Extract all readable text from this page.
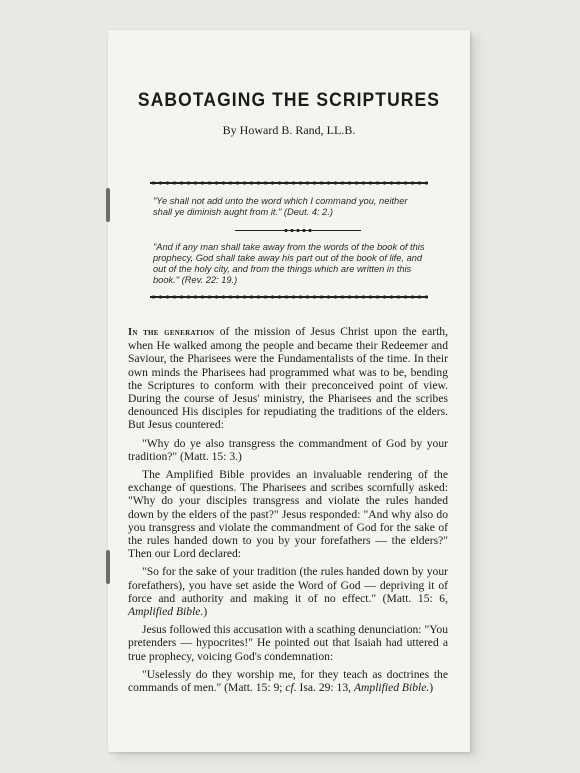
SABOTAGING THE SCRIPTURES
By Howard B. Rand, LL.B.
"Ye shall not add unto the word which I command you, neither shall ye diminish aught from it." (Deut. 4: 2.)
"And if any man shall take away from the words of the book of this prophecy, God shall take away his part out of the book of life, and out of the holy city, and from the things which are written in this book." (Rev. 22: 19.)

In the generation of the mission of Jesus Christ upon the earth, when He walked among the people and became their Redeemer and Saviour, the Pharisees were the Fundamentalists of the time. In their own minds the Pharisees had programmed what was to be, bending the Scriptures to conform with their preconceived point of view. During the course of Jesus' ministry, the Pharisees and the scribes denounced His disciples for repudiating the traditions of the elders. But Jesus countered:

"Why do ye also transgress the commandment of God by your tradition?" (Matt. 15: 3.)

The Amplified Bible provides an invaluable rendering of the exchange of questions. The Pharisees and scribes scornfully asked: "Why do your disciples transgress and violate the rules handed down by the elders of the past?" Jesus responded: "And why also do you transgress and violate the commandment of God for the sake of the rules handed down to you by your forefathers — the elders?" Then our Lord declared:

"So for the sake of your tradition (the rules handed down by your forefathers), you have set aside the Word of God — depriving it of force and authority and making it of no effect." (Matt. 15: 6, Amplified Bible.)

Jesus followed this accusation with a scathing denunciation: "You pretenders — hypocrites!" He pointed out that Isaiah had uttered a true prophecy, voicing God's condemnation:

"Uselessly do they worship me, for they teach as doctrines the commands of men." (Matt. 15: 9; cf. Isa. 29: 13, Amplified Bible.)
